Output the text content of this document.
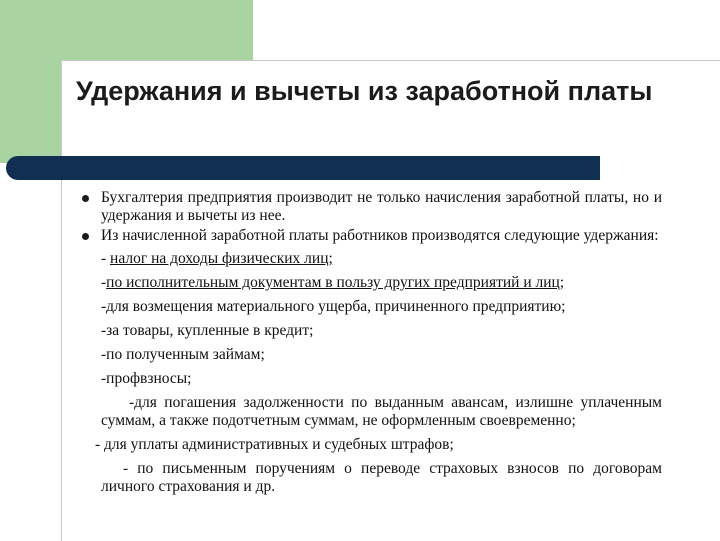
Удержания и вычеты из заработной платы
Бухгалтерия предприятия производит не только начисления заработной платы, но и удержания и вычеты из нее.
Из начисленной заработной платы работников производятся следующие удержания:
- налог на доходы физических лиц;
-по исполнительным документам в пользу других предприятий и лиц;
-для возмещения материального ущерба, причиненного предприятию;
-за товары, купленные в кредит;
-по полученным займам;
-профвзносы;
-для погашения задолженности по выданным авансам, излишне уплаченным суммам, а также подотчетным суммам, не оформленным своевременно;
- для уплаты административных и судебных штрафов;
- по письменным поручениям о переводе страховых взносов по договорам личного страхования и др.
